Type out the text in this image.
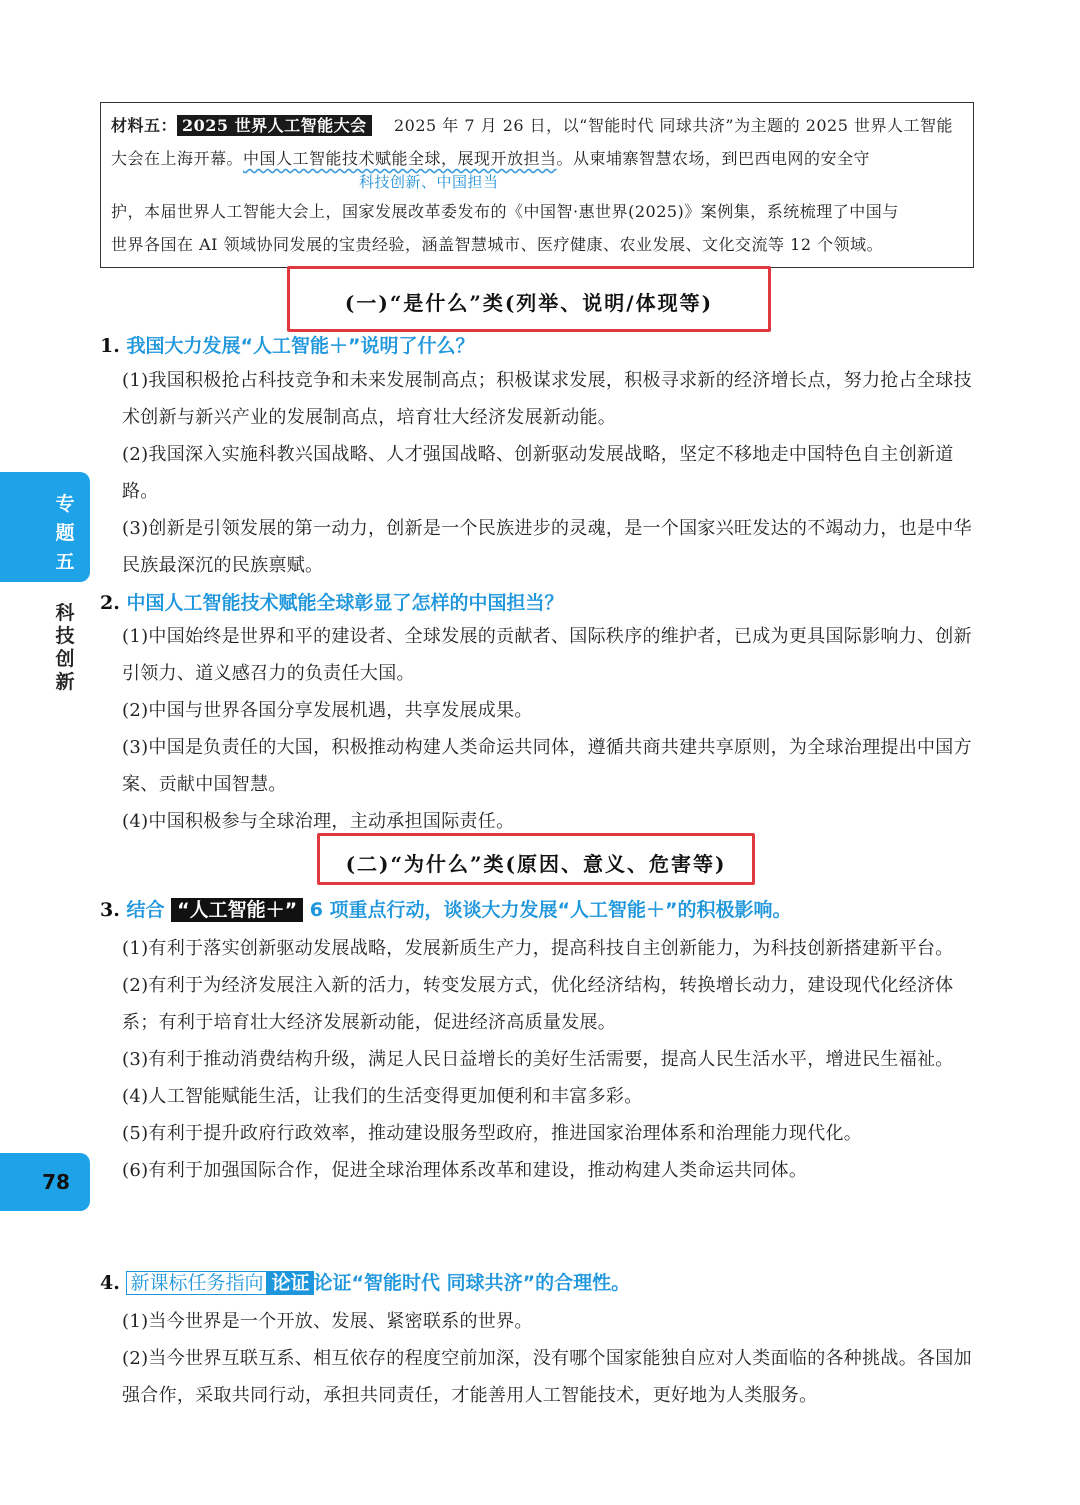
材料五： 2025 世界人工智能大会 2025 年 7 月 26 日，以“智能时代 同球共济”为主题的 2025 世界人工智能
大会在上海开幕。中国人工智能技术赋能全球，展现开放担当。从柬埔寨智慧农场，到巴西电网的安全守
科技创新、中国担当
护，本届世界人工智能大会上，国家发展改革委发布的《中国智·惠世界(2025)》案例集，系统梳理了中国与
世界各国在 AI 领域协同发展的宝贵经验，涵盖智慧城市、医疗健康、农业发展、文化交流等 12 个领域。
(一)“是什么”类(列举、说明/体现等)
1. 我国大力发展“人工智能＋”说明了什么？

(1)我国积极抢占科技竞争和未来发展制高点；积极谋求发展，积极寻求新的经济增长点，努力抢占全球技术创新与新兴产业的发展制高点，培育壮大经济发展新动能。

(2)我国深入实施科教兴国战略、人才强国战略、创新驱动发展战略，坚定不移地走中国特色自主创新道路。

(3)创新是引领发展的第一动力，创新是一个民族进步的灵魂，是一个国家兴旺发达的不竭动力，也是中华民族最深沉的民族禀赋。

2. 中国人工智能技术赋能全球彰显了怎样的中国担当？

(1)中国始终是世界和平的建设者、全球发展的贡献者、国际秩序的维护者，已成为更具国际影响力、创新引领力、道义感召力的负责任大国。

(2)中国与世界各国分享发展机遇，共享发展成果。

(3)中国是负责任的大国，积极推动构建人类命运共同体，遵循共商共建共享原则，为全球治理提出中国方案、贡献中国智慧。

(4)中国积极参与全球治理，主动承担国际责任。

(二)“为什么”类(原因、意义、危害等)
3. 结合 “人工智能＋” 6 项重点行动，谈谈大力发展“人工智能＋”的积极影响。

(1)有利于落实创新驱动发展战略，发展新质生产力，提高科技自主创新能力，为科技创新搭建新平台。

(2)有利于为经济发展注入新的活力，转变发展方式，优化经济结构，转换增长动力，建设现代化经济体系；有利于培育壮大经济发展新动能，促进经济高质量发展。

(3)有利于推动消费结构升级，满足人民日益增长的美好生活需要，提高人民生活水平，增进民生福祉。

(4)人工智能赋能生活，让我们的生活变得更加便利和丰富多彩。

(5)有利于提升政府行政效率，推动建设服务型政府，推进国家治理体系和治理能力现代化。

(6)有利于加强国际合作，促进全球治理体系改革和建设，推动构建人类命运共同体。

4. 新课标任务指向 论证 论证“智能时代 同球共济”的合理性。

(1)当今世界是一个开放、发展、紧密联系的世界。

(2)当今世界互联互系、相互依存的程度空前加深，没有哪个国家能独自应对人类面临的各种挑战。各国加强合作，采取共同行动，承担共同责任，才能善用人工智能技术，更好地为人类服务。

专题五
科技创新
78
